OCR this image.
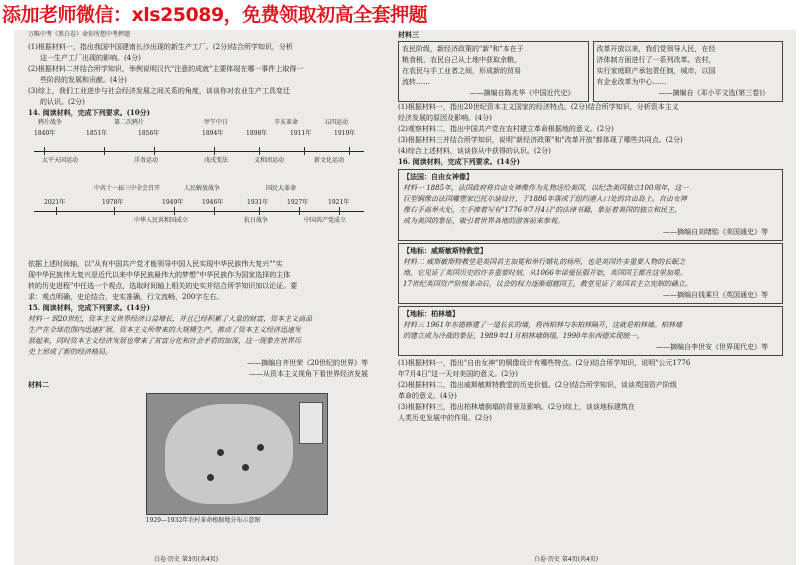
添加老师微信：xls25089，免费领取初高全套押题
万唯中考《黑白卷》命你所想中考押题

(1)根据材料一，指出我国中国建南长沙出现的新生产工厂。(2分)结合所学知识，分析

这一生产工厂出现的影响。(4分)

(2)根据材料二并结合所学知识，举例说明汉代"注意的成就"主要体现在哪一事件上取得一

些阶段的发展和贡献。(4分)

(3)综上，我们工业进步与社会经济发展之间关系的角度，谈谈你对农业生产工具变迁

的认识。(2分)

14. 阅读材料，完成下列要求。(10分)

鸦片战争	第二次鸦片	甲午中日	辛亥革命	五四运动
1840年	1851年	1856年	1894年	1898年	1911年	1919年
太平天国运动	洋务运动	戊戌变法	义和团运动	新文化运动
中共十一届三中全会召开	人民解放战争	国民大革命
2021年	1978年	1949年	1946年	1931年	1927年	1921年
中华人民共和国成立	抗日战争	中国共产党成立

依据上述时间轴，以"从有中国共产党才能领导中国人民实现中华民族伟大复兴""实

现中华民族伟大复兴是近代以来中华民族最伟大的梦想"中华民族作为国家选择的主体

转的历史进程"中任选一个观点，选取时间轴上相关的史实并结合所学知识加以论证。要

求：观点明确，史论结合，史实准确，行文流畅，200字左右。

15. 阅读材料，完成下列要求。(14分)

材料一 到20世纪，资本主义世界经济日益增长，并且已经积累了大量的财富，资本主义商品

生产在全球范围内迅速扩展。资本主义所带来的大规模生产，推动了资本主义经济迅速发

展起来，同时资本主义经济发展也带来了贫富分化和社会矛盾的加深，这一现象在世界历

史上形成了新的经济格局。

——摘编自齐世荣《20世纪的世界》等

——从资本主义视角下看世界经济发展

材料二

1929—1932年农村革命根据地分布示意图
白卷·历史 第3页(共4页)

材料三

农民阶级，新经济政策的"新"和"本在于

粮食税，农民自己从土地中获取余粮，

在农民与手工业者之间，形成新的贸易

流转……

——摘编自陈兆华《中国近代史》

改革开放以来，我们党领导人民，在经

济体制方面进行了一系列改革。农村，

实行家庭联产承包责任制，城市，以国

有企业改革为中心……

——摘编自《邓小平文选(第三卷)》

(1)根据材料一，指出20世纪资本主义国家的经济特点。(2分)结合所学知识，分析资本主义

经济发展的原因及影响。(4分)

(2)观察材料二，指出中国共产党在农村建立革命根据地的意义。(2分)

(3)根据材料三并结合所学知识，说明"新经济政策"和"改革开放"都体现了哪些共同点。(2分)

(4)综合上述材料，谈谈你从中获得的认识。(2分)

16. 阅读材料，完成下列要求。(14分)

【法国：自由女神像】

材料一 1885年，法国政府将自由女神像作为礼物送给美国，以纪念美国独立100周年，这一

巨型铜像由法国雕塑家巴托尔迪设计，于1886年落成于纽约港入口处的自由岛上。自由女神

像右手高举火炬，左手捧着写有"1776年7月4日"的法律书籍，象征着美国的独立和民主，

成为美国的象征，吸引着世界各地的游客前来参观。

——摘编自刘绪贻《美国通史》等

【地标：威斯敏斯特教堂】

材料二 威斯敏斯特教堂是英国君主加冕和举行婚礼的场所，也是英国许多重要人物的长眠之

地，它见证了英国历史的许多重要时刻，从1066年诺曼征服开始，英国国王都在这里加冕。

17世纪英国资产阶级革命后，议会的权力逐渐超越国王，教堂见证了英国君主立宪制的确立。

——摘编自钱乘旦《英国通史》等

【地标：柏林墙】

材料三 1961年东德修建了一道长长的墙，将西柏林与东柏林隔开，这就是柏林墙。柏林墙

的建立成为冷战的象征，1989年11月柏林墙倒塌，1990年东西德实现统一。

——摘编自李世安《世界现代史》等

(1)根据材料一，指出"自由女神"的铜像设计有哪些特点。(2分)结合所学知识，说明"公元1776

年7月4日"这一天对美国的意义。(2分)

(2)根据材料二，指出威斯敏斯特教堂的历史价值。(2分)结合所学知识，谈谈英国资产阶级

革命的意义。(4分)

(3)根据材料三，指出柏林墙倒塌的背景及影响。(2分)综上，谈谈地标建筑在

人类历史发展中的作用。(2分)

白卷·历史 第4页(共4页)
